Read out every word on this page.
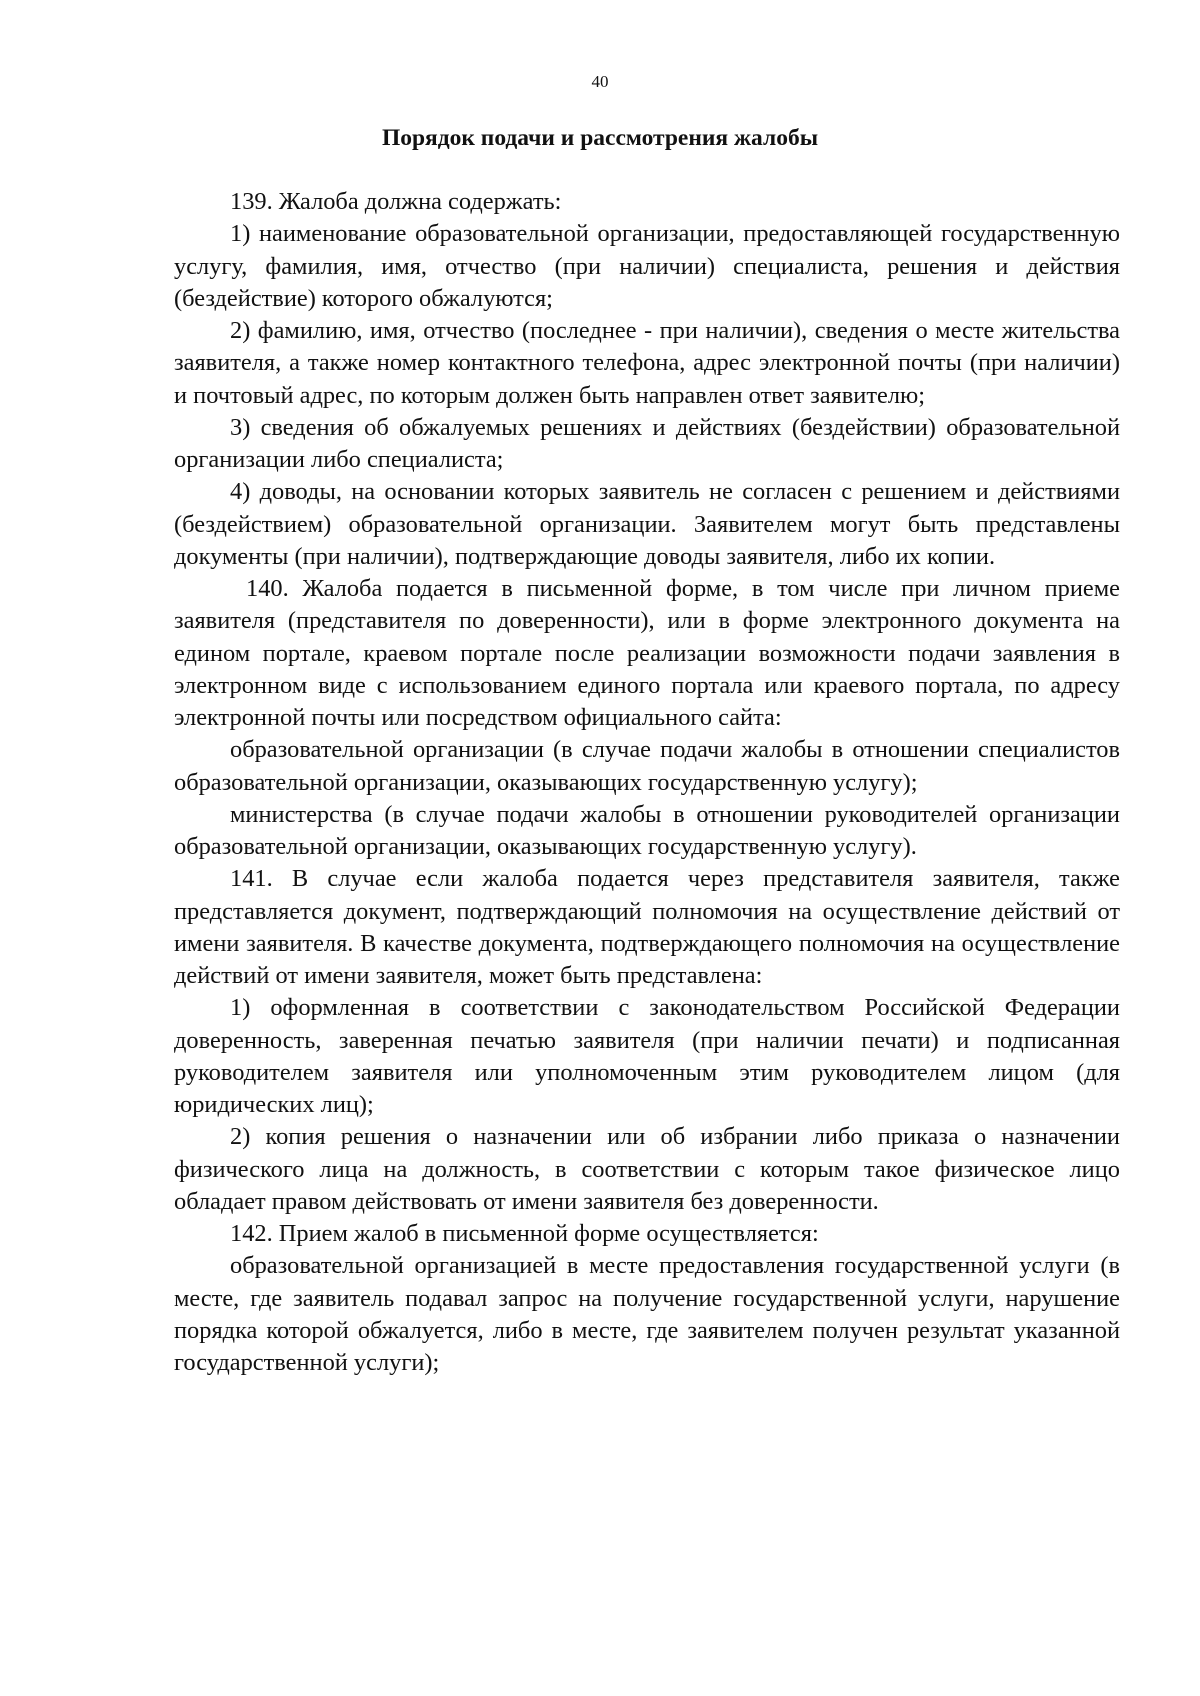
40
Порядок подачи и рассмотрения жалобы

139. Жалоба должна содержать:

1) наименование образовательной организации, предоставляющей государственную услугу, фамилия, имя, отчество (при наличии) специалиста, решения и действия (бездействие) которого обжалуются;

2) фамилию, имя, отчество (последнее - при наличии), сведения о месте жительства заявителя, а также номер контактного телефона, адрес электронной почты (при наличии) и почтовый адрес, по которым должен быть направлен ответ заявителю;

3) сведения об обжалуемых решениях и действиях (бездействии) образовательной организации либо специалиста;

4) доводы, на основании которых заявитель не согласен с решением и действиями (бездействием) образовательной организации. Заявителем могут быть представлены документы (при наличии), подтверждающие доводы заявителя, либо их копии.

140. Жалоба подается в письменной форме, в том числе при личном приеме заявителя (представителя по доверенности), или в форме электронного документа на едином портале, краевом портале после реализации возможности подачи заявления в электронном виде с использованием единого портала или краевого портала, по адресу электронной почты или посредством официального сайта:

образовательной организации (в случае подачи жалобы в отношении специалистов образовательной организации, оказывающих государственную услугу);

министерства (в случае подачи жалобы в отношении руководителей организации образовательной организации, оказывающих государственную услугу).

141. В случае если жалоба подается через представителя заявителя, также представляется документ, подтверждающий полномочия на осуществление действий от имени заявителя. В качестве документа, подтверждающего полномочия на осуществление действий от имени заявителя, может быть представлена:

1) оформленная в соответствии с законодательством Российской Федерации доверенность, заверенная печатью заявителя (при наличии печати) и подписанная руководителем заявителя или уполномоченным этим руководителем лицом (для юридических лиц);

2) копия решения о назначении или об избрании либо приказа о назначении физического лица на должность, в соответствии с которым такое физическое лицо обладает правом действовать от имени заявителя без доверенности.

142. Прием жалоб в письменной форме осуществляется:

образовательной организацией в месте предоставления государственной услуги (в месте, где заявитель подавал запрос на получение государственной услуги, нарушение порядка которой обжалуется, либо в месте, где заявителем получен результат указанной государственной услуги);
